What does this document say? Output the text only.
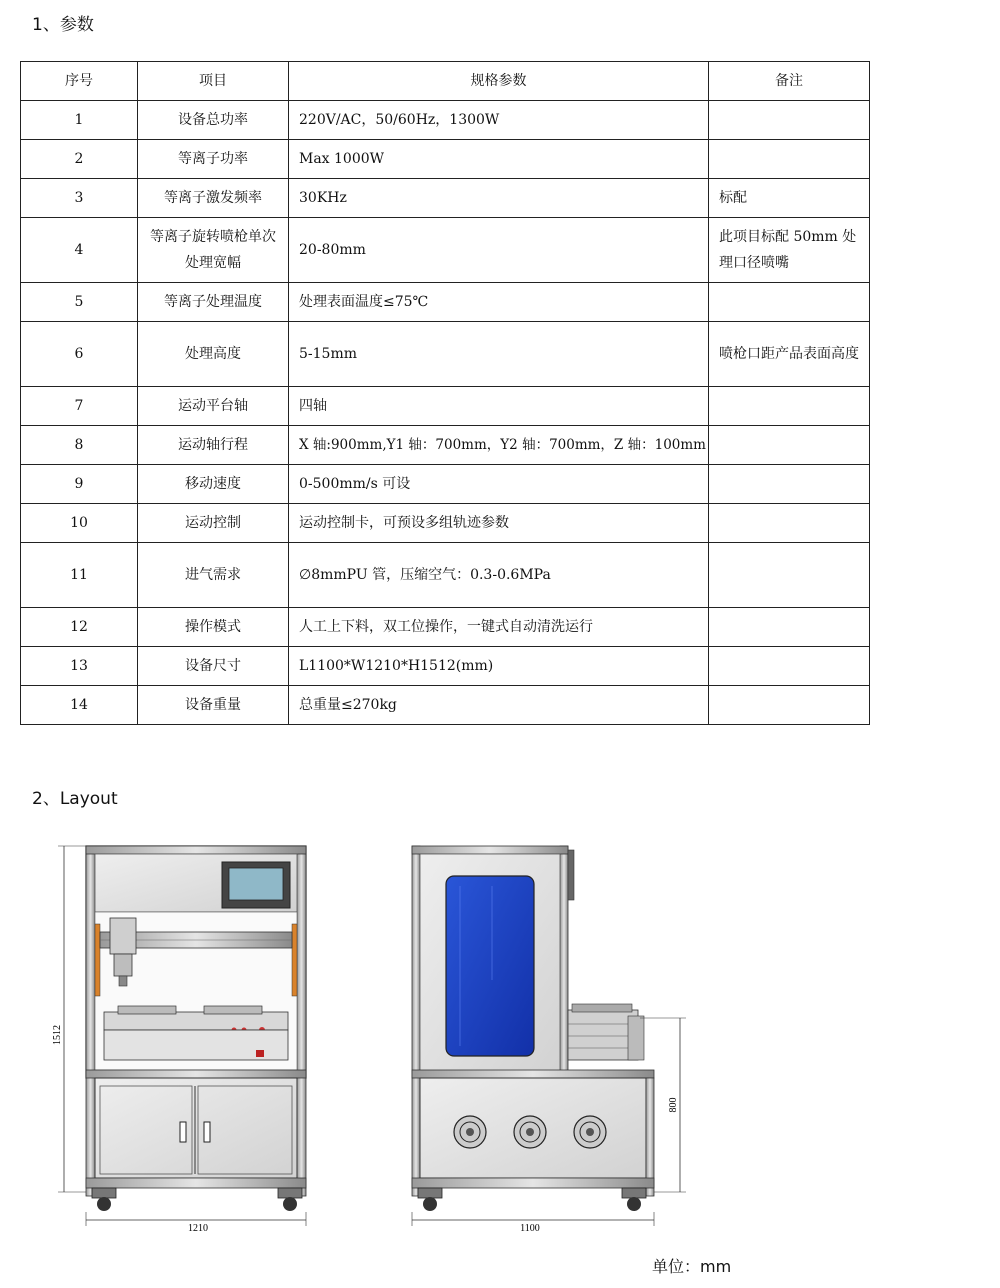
1、参数
序号	项目	规格参数	备注
1	设备总功率	220V/AC，50/60Hz，1300W	
2	等离子功率	Max 1000W	
3	等离子激发频率	30KHz	标配
4	等离子旋转喷枪单次处理宽幅	20-80mm	此项目标配 50mm 处理口径喷嘴
5	等离子处理温度	处理表面温度≤75℃	
6	处理高度	5-15mm	喷枪口距产品表面高度
7	运动平台轴	四轴	
8	运动轴行程	X 轴:900mm,Y1 轴：700mm，Y2 轴：700mm，Z 轴：100mm	
9	移动速度	0-500mm/s 可设	
10	运动控制	运动控制卡，可预设多组轨迹参数	
11	进气需求	∅8mmPU 管，压缩空气：0.3-0.6MPa	
12	操作模式	人工上下料，双工位操作，一键式自动清洗运行	
13	设备尺寸	L1100*W1210*H1512(mm)	
14	设备重量	总重量≤270kg	
2、Layout
1512
1210
800
1100
单位：mm
